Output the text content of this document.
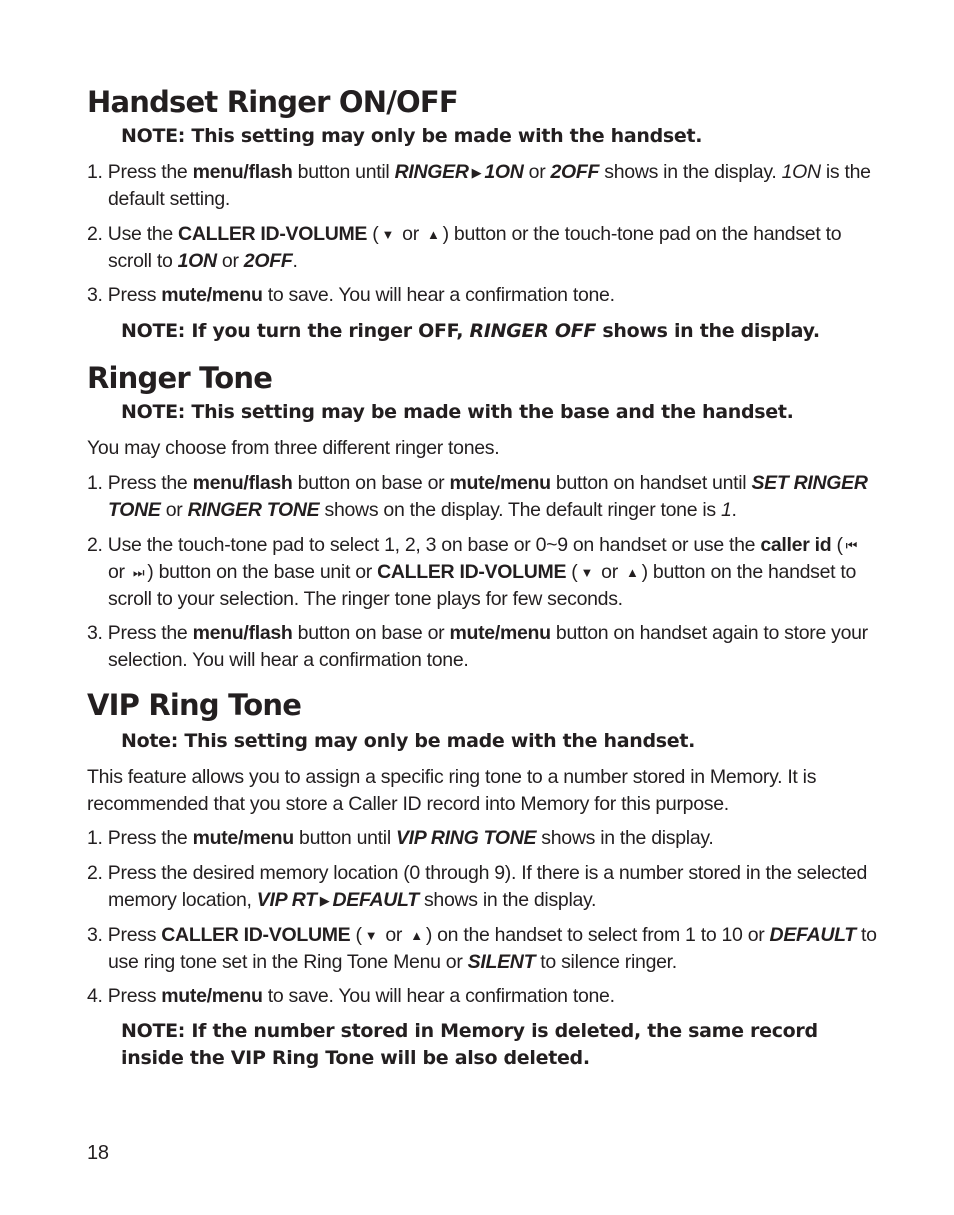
Handset Ringer ON/OFF

NOTE: This setting may only be made with the handset.

1. Press the menu/flash button until RINGER ▶ 1ON or 2OFF shows in the display. 1ON is the default setting.

2. Use the CALLER ID-VOLUME ( ▼ or ▲ ) button or the touch-tone pad on the handset to scroll to 1ON or 2OFF.

3. Press mute/menu to save. You will hear a confirmation tone.

NOTE: If you turn the ringer OFF, RINGER OFF shows in the display.

Ringer Tone

NOTE: This setting may be made with the base and the handset.

You may choose from three different ringer tones.

1. Press the menu/flash button on base or mute/menu button on handset until SET RINGER TONE or RINGER TONE shows on the display. The default ringer tone is 1.

2. Use the touch-tone pad to select 1, 2, 3 on base or 0~9 on handset or use the caller id ( ⏮ or ⏭ ) button on the base unit or CALLER ID-VOLUME ( ▼ or ▲ ) button on the handset to scroll to your selection. The ringer tone plays for few seconds.

3. Press the menu/flash button on base or mute/menu button on handset again to store your selection. You will hear a confirmation tone.

VIP Ring Tone

Note: This setting may only be made with the handset.

This feature allows you to assign a specific ring tone to a number stored in Memory. It is recommended that you store a Caller ID record into Memory for this purpose.

1. Press the mute/menu button until VIP RING TONE shows in the display.

2. Press the desired memory location (0 through 9). If there is a number stored in the selected memory location, VIP RT ▶ DEFAULT shows in the display.

3. Press CALLER ID-VOLUME ( ▼ or ▲ ) on the handset to select from 1 to 10 or DEFAULT to use ring tone set in the Ring Tone Menu or SILENT to silence ringer.

4. Press mute/menu to save. You will hear a confirmation tone.

NOTE: If the number stored in Memory is deleted, the same record inside the VIP Ring Tone will be also deleted.

18
